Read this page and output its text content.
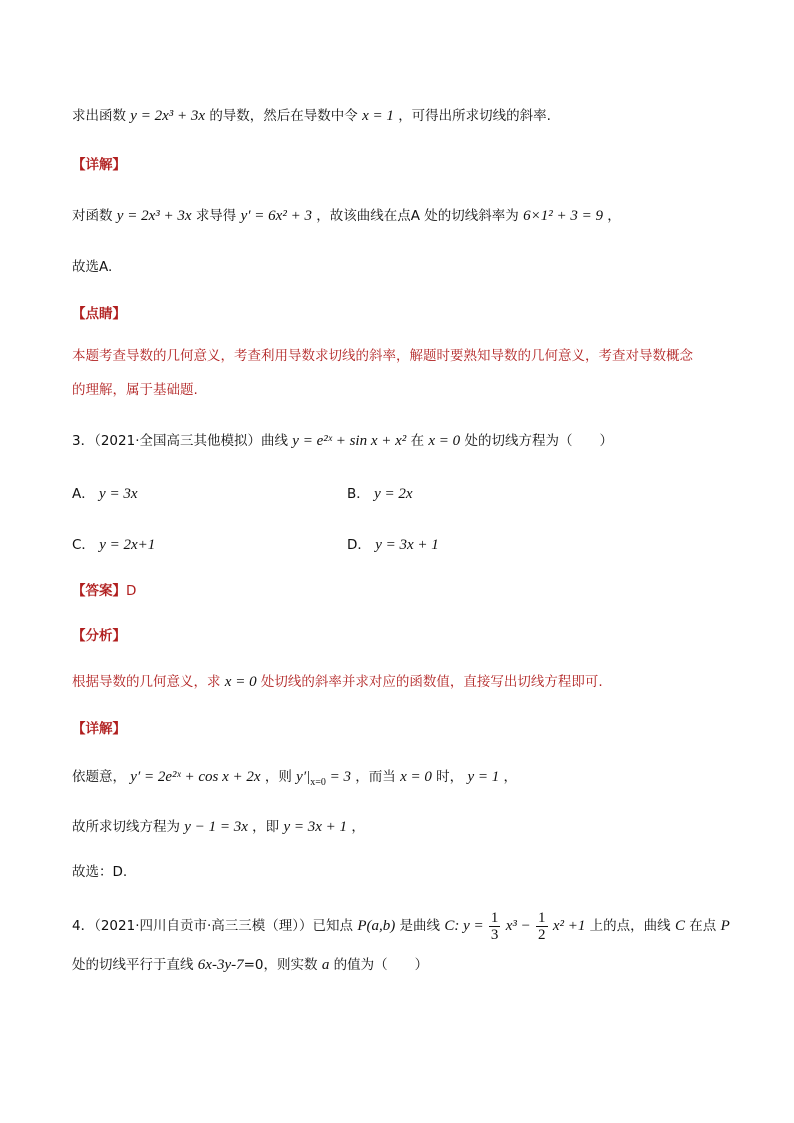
求出函数 y = 2x³ + 3x 的导数，然后在导数中令 x = 1 ，可得出所求切线的斜率.
【详解】
对函数 y = 2x³ + 3x 求导得 y′ = 6x² + 3 ，故该曲线在点A 处的切线斜率为 6×1² + 3 = 9 ，
故选A.
【点睛】
本题考查导数的几何意义，考查利用导数求切线的斜率，解题时要熟知导数的几何意义，考查对导数概念
的理解，属于基础题.
3．（2021·全国高三其他模拟）曲线 y = e²ˣ + sin x + x² 在 x = 0 处的切线方程为（　　）
A． y = 3x	B． y = 2x
C． y = 2x+1	D． y = 3x + 1
【答案】D
【分析】
根据导数的几何意义，求 x = 0 处切线的斜率并求对应的函数值，直接写出切线方程即可.
【详解】
依题意， y′ = 2e²ˣ + cos x + 2x ，则 $y'|_{x=0} = 3$ ，而当 x = 0 时， y = 1 ，
故所求切线方程为 y − 1 = 3x ，即 y = 3x + 1 ，
故选：D.
4．（2021·四川自贡市·高三三模（理））已知点 P(a,b) 是曲线 C: $y = \frac{1}{3} x^3 - \frac{1}{2} x^2 +1$ 上的点，曲线 C 在点 P
处的切线平行于直线 6x-3y-7=0，则实数 a 的值为（　　）
